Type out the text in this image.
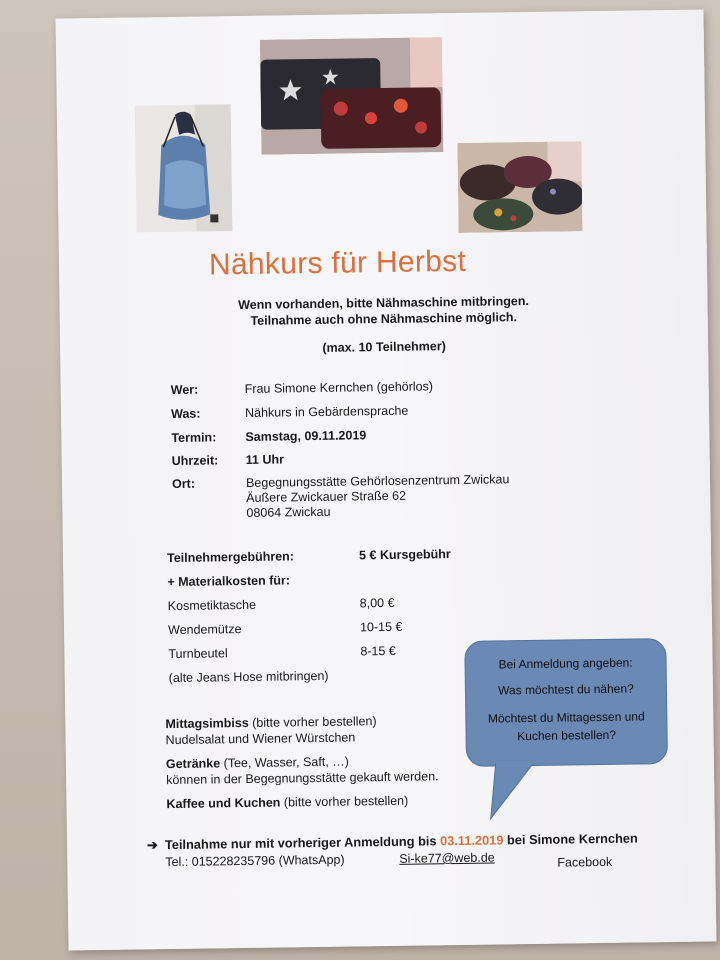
Nähkurs für Herbst
Wenn vorhanden, bitte Nähmaschine mitbringen.
Teilnahme auch ohne Nähmaschine möglich.
(max. 10 Teilnehmer)
Wer:	Frau Simone Kernchen (gehörlos)
Was:	Nähkurs in Gebärdensprache
Termin: Samstag, 09.11.2019
Uhrzeit: 11 Uhr
Ort:	Begegnungsstätte Gehörlosenzentrum Zwickau
Äußere Zwickauer Straße 62
08064 Zwickau
Teilnehmergebühren:	5 € Kursgebühr
+ Materialkosten für:
Kosmetiktasche	8,00 €
Wendemütze	10-15 €
Turnbeutel	8-15 €
(alte Jeans Hose mitbringen)
Bei Anmeldung angeben:
Was möchtest du nähen?
Möchtest du Mittagessen und
Kuchen bestellen?
Mittagsimbiss (bitte vorher bestellen)
Nudelsalat und Wiener Würstchen
Getränke (Tee, Wasser, Saft, …)
können in der Begegnungsstätte gekauft werden.
Kaffee und Kuchen (bitte vorher bestellen)
➔ Teilnahme nur mit vorheriger Anmeldung bis 03.11.2019 bei Simone Kernchen
Tel.: 015228235796 (WhatsApp)	Si-ke77@web.de	Facebook
